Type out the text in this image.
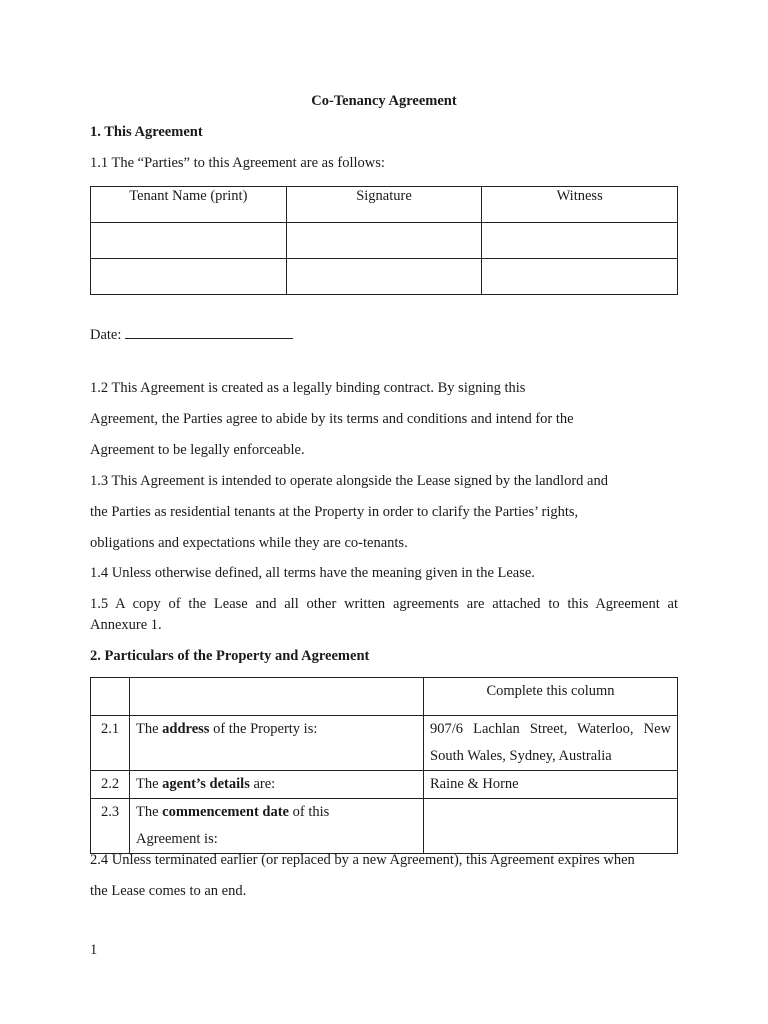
Co-Tenancy Agreement
1. This Agreement
1.1 The “Parties” to this Agreement are as follows:
Tenant Name (print)	Signature	Witness

Date:
1.2 This Agreement is created as a legally binding contract. By signing this
Agreement, the Parties agree to abide by its terms and conditions and intend for the
Agreement to be legally enforceable.
1.3 This Agreement is intended to operate alongside the Lease signed by the landlord and
the Parties as residential tenants at the Property in order to clarify the Parties’ rights,
obligations and expectations while they are co-tenants.
1.4 Unless otherwise defined, all terms have the meaning given in the Lease.
1.5 A copy of the Lease and all other written agreements are attached to this Agreement at
Annexure 1.
2. Particulars of the Property and Agreement
		Complete this column
2.1	The address of the Property is:	907/6 Lachlan Street, Waterloo, New
South Wales, Sydney, Australia

2.2	The agent’s details are:	Raine & Horne
2.3	The commencement date of this
Agreement is:	

2.4 Unless terminated earlier (or replaced by a new Agreement), this Agreement expires when
the Lease comes to an end.
1
